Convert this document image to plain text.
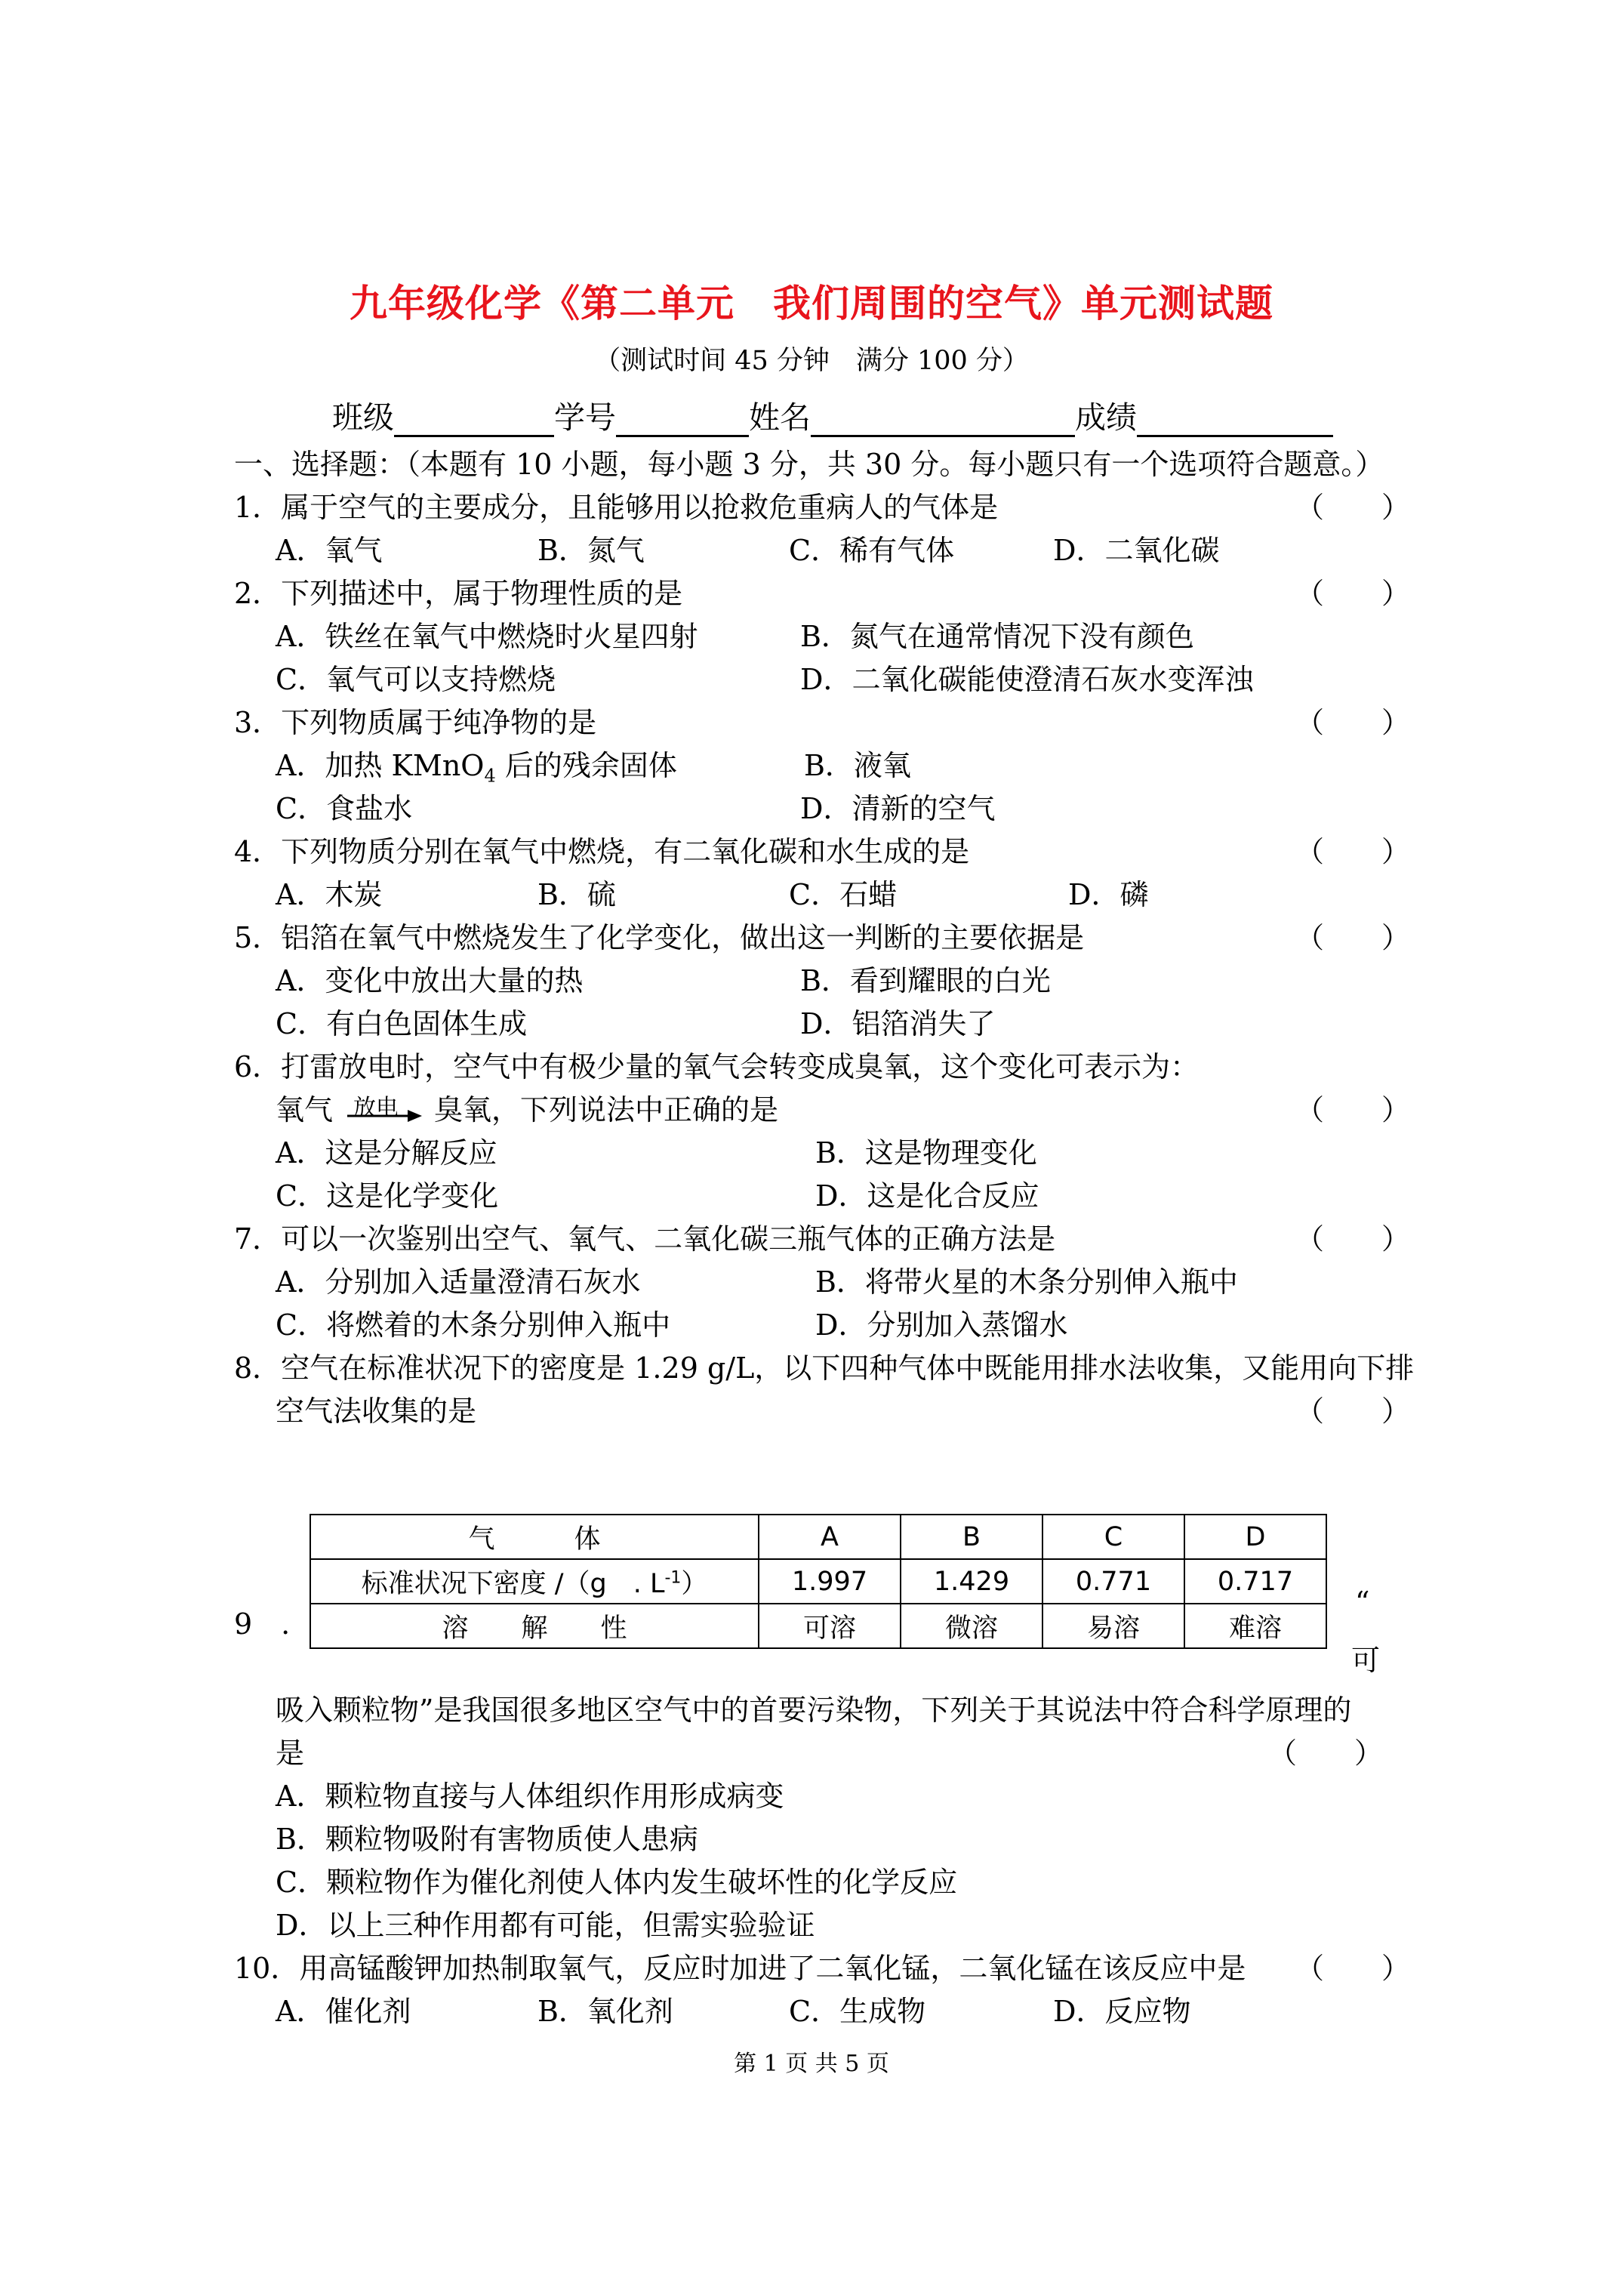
九年级化学《第二单元　我们周围的空气》单元测试题
（测试时间 45 分钟　满分 100 分）
班级	学号	姓名	成绩
一、选择题：（本题有 10 小题，每小题 3 分，共 30 分。每小题只有一个选项符合题意。）
1．属于空气的主要成分，且能够用以抢救危重病人的气体是	（　　）
A．氧气	B．氮气	C．稀有气体	D．二氧化碳
2．下列描述中，属于物理性质的是	（　　）
A．铁丝在氧气中燃烧时火星四射	B．氮气在通常情况下没有颜色
C．氧气可以支持燃烧	D．二氧化碳能使澄清石灰水变浑浊
3．下列物质属于纯净物的是	（　　）
A．加热 KMnO$_4$ 后的残余固体	B．液氧
C．食盐水	D．清新的空气
4．下列物质分别在氧气中燃烧，有二氧化碳和水生成的是	（　　）
A．木炭	B．硫	C．石蜡	D．磷
5．铝箔在氧气中燃烧发生了化学变化，做出这一判断的主要依据是	（　　）
A．变化中放出大量的热	B．看到耀眼的白光
C．有白色固体生成	D．铝箔消失了
6．打雷放电时，空气中有极少量的氧气会转变成臭氧，这个变化可表示为：
氧气 放电 臭氧，下列说法中正确的是	（　　）
A．这是分解反应	B．这是物理变化
C．这是化学变化	D．这是化合反应
7．可以一次鉴别出空气、氧气、二氧化碳三瓶气体的正确方法是	（　　）
A．分别加入适量澄清石灰水	B．将带火星的木条分别伸入瓶中
C．将燃着的木条分别伸入瓶中	D．分别加入蒸馏水
8．空气在标准状况下的密度是 1.29 g/L，以下四种气体中既能用排水法收集，又能用向下排
空气法收集的是	（　　）
气　　　体	A	B	C	D
标准状况下密度 /（g　. $L^{-1}$）	1.997	1.429	0.771	0.717
溶　　解　　性	可溶	微溶	易溶	难溶
9　.
“
可
吸入颗粒物”是我国很多地区空气中的首要污染物，下列关于其说法中符合科学原理的
是	（　　）
A．颗粒物直接与人体组织作用形成病变
B．颗粒物吸附有害物质使人患病
C．颗粒物作为催化剂使人体内发生破坏性的化学反应
D．以上三种作用都有可能，但需实验验证
10．用高锰酸钾加热制取氧气，反应时加进了二氧化锰，二氧化锰在该反应中是 （　　）
A．催化剂	B．氧化剂	C．生成物	D．反应物
第 1 页 共 5 页
